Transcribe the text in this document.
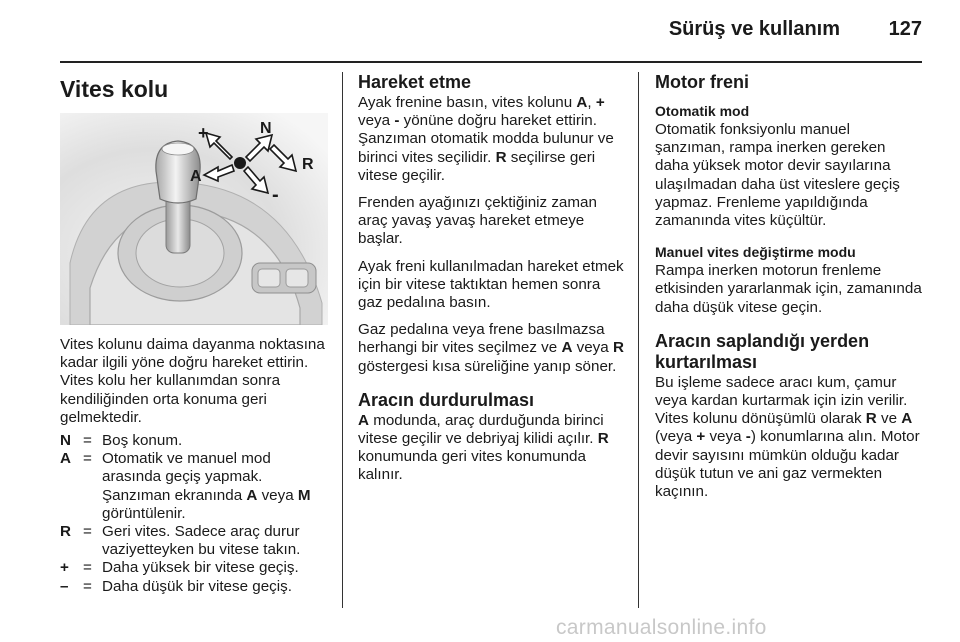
Sürüş ve kullanım 127
Vites kolu
+	N
R
A
-

Vites kolunu daima dayanma noktasına kadar ilgili yöne doğru hareket ettirin. Vites kolu her kullanımdan sonra kendiliğinden orta konuma geri gelmektedir.

N = Boş konum.
A = Otomatik ve manuel mod arasında geçiş yapmak. Şanzıman ekranında A veya M görüntülenir.
R = Geri vites. Sadece araç durur vaziyetteyken bu vitese takın.
+ = Daha yüksek bir vitese geçiş.
– = Daha düşük bir vitese geçiş.
Hareket etme

Ayak frenine basın, vites kolunu A, + veya - yönüne doğru hareket ettirin. Şanzıman otomatik modda bulunur ve birinci vites seçilidir. R seçilirse geri vitese geçilir.

Frenden ayağınızı çektiğiniz zaman araç yavaş yavaş hareket etmeye başlar.

Ayak freni kullanılmadan hareket etmek için bir vitese taktıktan hemen sonra gaz pedalına basın.

Gaz pedalına veya frene basılmazsa herhangi bir vites seçilmez ve A veya R göstergesi kısa süreliğine yanıp söner.

Aracın durdurulması

A modunda, araç durduğunda birinci vitese geçilir ve debriyaj kilidi açılır. R konumunda geri vites konumunda kalınır.

Motor freni
Otomatik mod

Otomatik fonksiyonlu manuel şanzıman, rampa inerken gereken daha yüksek motor devir sayılarına ulaşılmadan daha üst viteslere geçiş yapmaz. Frenleme yapıldığında zamanında vites küçültür.

Manuel vites değiştirme modu

Rampa inerken motorun frenleme etkisinden yararlanmak için, zamanında daha düşük vitese geçin.

Aracın saplandığı yerden kurtarılması

Bu işleme sadece aracı kum, çamur veya kardan kurtarmak için izin verilir. Vites kolunu dönüşümlü olarak R ve A (veya + veya -) konumlarına alın. Motor devir sayısını mümkün olduğu kadar düşük tutun ve ani gaz vermekten kaçının.

carmanualsonline.info
